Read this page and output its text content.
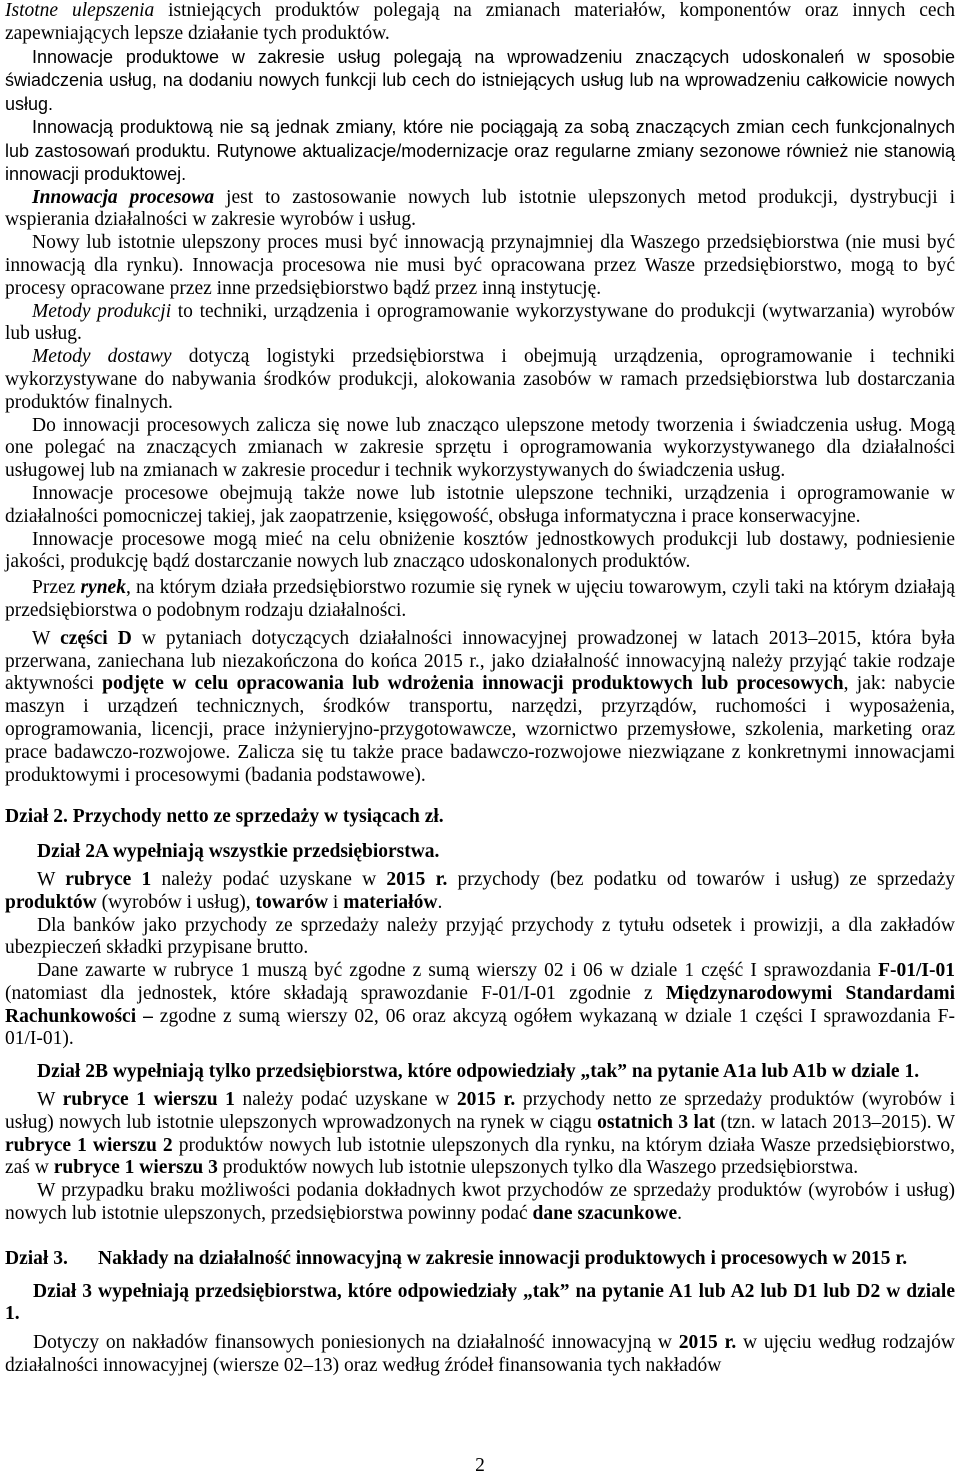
Istotne ulepszenia istniejących produktów polegają na zmianach materiałów, komponentów oraz innych cech zapewniających lepsze działanie tych produktów.

Innowacje produktowe w zakresie usług polegają na wprowadzeniu znaczących udoskonaleń w sposobie świadczenia usług, na dodaniu nowych funkcji lub cech do istniejących usług lub na wprowadzeniu całkowicie nowych usług.

Innowacją produktową nie są jednak zmiany, które nie pociągają za sobą znaczących zmian cech funkcjonalnych lub zastosowań produktu. Rutynowe aktualizacje/modernizacje oraz regularne zmiany sezonowe również nie stanowią innowacji produktowej.

Innowacja procesowa jest to zastosowanie nowych lub istotnie ulepszonych metod produkcji, dystrybucji i wspierania działalności w zakresie wyrobów i usług.

Nowy lub istotnie ulepszony proces musi być innowacją przynajmniej dla Waszego przedsiębiorstwa (nie musi być innowacją dla rynku). Innowacja procesowa nie musi być opracowana przez Wasze przedsiębiorstwo, mogą to być procesy opracowane przez inne przedsiębiorstwo bądź przez inną instytucję.

Metody produkcji to techniki, urządzenia i oprogramowanie wykorzystywane do produkcji (wytwarzania) wyrobów lub usług.

Metody dostawy dotyczą logistyki przedsiębiorstwa i obejmują urządzenia, oprogramowanie i techniki wykorzystywane do nabywania środków produkcji, alokowania zasobów w ramach przedsiębiorstwa lub dostarczania produktów finalnych.

Do innowacji procesowych zalicza się nowe lub znacząco ulepszone metody tworzenia i świadczenia usług. Mogą one polegać na znaczących zmianach w zakresie sprzętu i oprogramowania wykorzystywanego dla działalności usługowej lub na zmianach w zakresie procedur i technik wykorzystywanych do świadczenia usług.

Innowacje procesowe obejmują także nowe lub istotnie ulepszone techniki, urządzenia i oprogramowanie w działalności pomocniczej takiej, jak zaopatrzenie, księgowość, obsługa informatyczna i prace konserwacyjne.

Innowacje procesowe mogą mieć na celu obniżenie kosztów jednostkowych produkcji lub dostawy, podniesienie jakości, produkcję bądź dostarczanie nowych lub znacząco udoskonalonych produktów.

Przez rynek, na którym działa przedsiębiorstwo rozumie się rynek w ujęciu towarowym, czyli taki na którym działają przedsiębiorstwa o podobnym rodzaju działalności.

W części D w pytaniach dotyczących działalności innowacyjnej prowadzonej w latach 2013–2015, która była przerwana, zaniechana lub niezakończona do końca 2015 r., jako działalność innowacyjną należy przyjąć takie rodzaje aktywności podjęte w celu opracowania lub wdrożenia innowacji produktowych lub procesowych, jak: nabycie maszyn i urządzeń technicznych, środków transportu, narzędzi, przyrządów, ruchomości i wyposażenia, oprogramowania, licencji, prace inżynieryjno-przygotowawcze, wzornictwo przemysłowe, szkolenia, marketing oraz prace badawczo-rozwojowe. Zalicza się tu także prace badawczo-rozwojowe niezwiązane z konkretnymi innowacjami produktowymi i procesowymi (badania podstawowe).

Dział 2. Przychody netto ze sprzedaży w tysiącach zł.

Dział 2A wypełniają wszystkie przedsiębiorstwa.

W rubryce 1 należy podać uzyskane w 2015 r. przychody (bez podatku od towarów i usług) ze sprzedaży produktów (wyrobów i usług), towarów i materiałów.

Dla banków jako przychody ze sprzedaży należy przyjąć przychody z tytułu odsetek i prowizji, a dla zakładów ubezpieczeń składki przypisane brutto.

Dane zawarte w rubryce 1 muszą być zgodne z sumą wierszy 02 i 06 w dziale 1 część I sprawozdania F-01/I-01 (natomiast dla jednostek, które składają sprawozdanie F-01/I-01 zgodnie z Międzynarodowymi Standardami Rachunkowości – zgodne z sumą wierszy 02, 06 oraz akcyzą ogółem wykazaną w dziale 1 części I sprawozdania F-01/I-01).

Dział 2B wypełniają tylko przedsiębiorstwa, które odpowiedziały „tak” na pytanie A1a lub A1b w dziale 1.

W rubryce 1 wierszu 1 należy podać uzyskane w 2015 r. przychody netto ze sprzedaży produktów (wyrobów i usług) nowych lub istotnie ulepszonych wprowadzonych na rynek w ciągu ostatnich 3 lat (tzn. w latach 2013–2015). W rubryce 1 wierszu 2 produktów nowych lub istotnie ulepszonych dla rynku, na którym działa Wasze przedsiębiorstwo, zaś w rubryce 1 wierszu 3 produktów nowych lub istotnie ulepszonych tylko dla Waszego przedsiębiorstwa.

W przypadku braku możliwości podania dokładnych kwot przychodów ze sprzedaży produktów (wyrobów i usług) nowych lub istotnie ulepszonych, przedsiębiorstwa powinny podać dane szacunkowe.

Dział 3.	Nakłady na działalność innowacyjną w zakresie innowacji produktowych i procesowych w 2015 r.

Dział 3 wypełniają przedsiębiorstwa, które odpowiedziały „tak” na pytanie A1 lub A2 lub D1 lub D2 w dziale 1.

Dotyczy on nakładów finansowych poniesionych na działalność innowacyjną w 2015 r. w ujęciu według rodzajów działalności innowacyjnej (wiersze 02–13) oraz według źródeł finansowania tych nakładów

2
